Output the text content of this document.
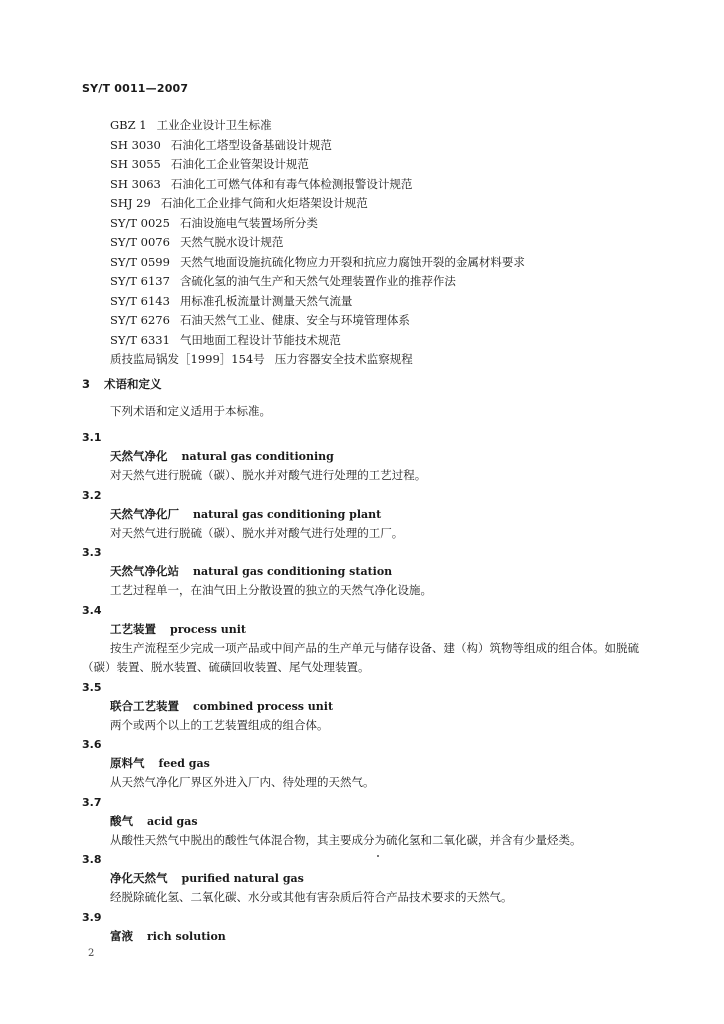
SY/T 0011—2007
GBZ 1 工业企业设计卫生标准
SH 3030 石油化工塔型设备基础设计规范
SH 3055 石油化工企业管架设计规范
SH 3063 石油化工可燃气体和有毒气体检测报警设计规范
SHJ 29 石油化工企业排气筒和火炬塔架设计规范
SY/T 0025 石油设施电气装置场所分类
SY/T 0076 天然气脱水设计规范
SY/T 0599 天然气地面设施抗硫化物应力开裂和抗应力腐蚀开裂的金属材料要求
SY/T 6137 含硫化氢的油气生产和天然气处理装置作业的推荐作法
SY/T 6143 用标准孔板流量计测量天然气流量
SY/T 6276 石油天然气工业、健康、安全与环境管理体系
SY/T 6331 气田地面工程设计节能技术规范
质技监局锅发［1999］154号 压力容器安全技术监察规程
3 术语和定义
下列术语和定义适用于本标准。
3.1
天然气净化 natural gas conditioning
对天然气进行脱硫（碳）、脱水并对酸气进行处理的工艺过程。
3.2
天然气净化厂 natural gas conditioning plant
对天然气进行脱硫（碳）、脱水并对酸气进行处理的工厂。
3.3
天然气净化站 natural gas conditioning station
工艺过程单一，在油气田上分散设置的独立的天然气净化设施。
3.4
工艺装置 process unit
按生产流程至少完成一项产品或中间产品的生产单元与储存设备、建（构）筑物等组成的组合体。如脱硫（碳）装置、脱水装置、硫磺回收装置、尾气处理装置。
3.5
联合工艺装置 combined process unit
两个或两个以上的工艺装置组成的组合体。
3.6
原料气 feed gas
从天然气净化厂界区外进入厂内、待处理的天然气。
3.7
酸气 acid gas
从酸性天然气中脱出的酸性气体混合物，其主要成分为硫化氢和二氧化碳，并含有少量烃类。
3.8
净化天然气 purified natural gas
经脱除硫化氢、二氧化碳、水分或其他有害杂质后符合产品技术要求的天然气。
3.9
富液 rich solution
2
